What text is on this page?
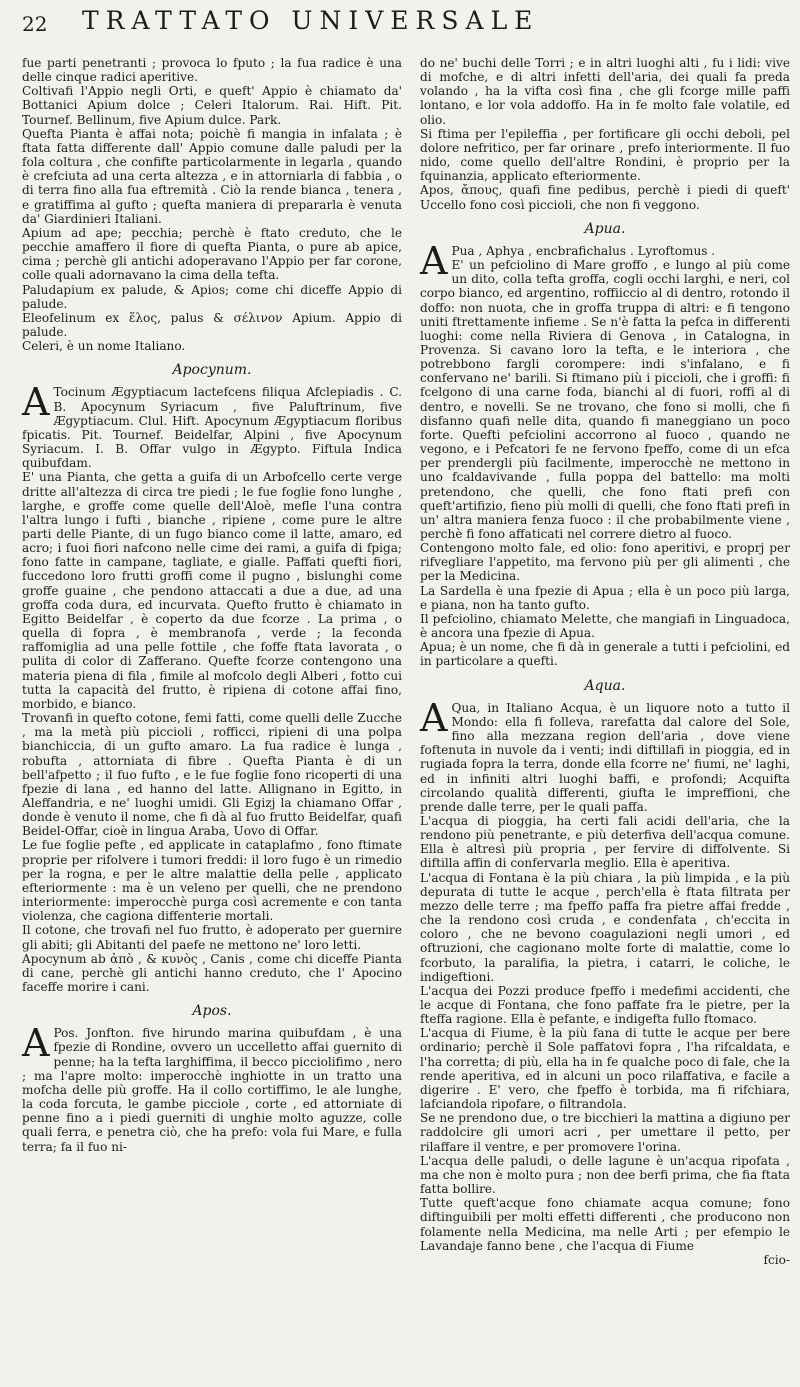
22 TRATTATO UNIVERSALE

fue parti penetranti ; provoca lo fputo ; la fua radice è una delle cinque radici aperitive.

Coltivafi l'Appio negli Orti, e queft' Appio è chiamato da' Bottanici Apium dolce ; Celeri Italorum. Rai. Hift. Pit. Tournef. Bellinum, five Apium dulce. Park.

Quefta Pianta è affai nota; poichè fi mangia in infalata ; è ftata fatta differente dall' Appio comune dalle paludi per la fola coltura , che confifte particolarmente in legarla , quando è crefciuta ad una certa altezza , e in attorniarla di fabbia , o di terra fino alla fua eftremità . Ciò la rende bianca , tenera , e gratiffima al gufto ; quefta maniera di prepararla è venuta da' Giardinieri Italiani.

Apium ad ape; pecchia; perchè è ftato creduto, che le pecchie amaffero il fiore di quefta Pianta, o pure ab apice, cima ; perchè gli antichi adoperavano l'Appio per far corone, colle quali adornavano la cima della tefta.

Paludapium ex palude, & Apios; come chi diceffe Appio di palude.

Eleofelinum ex ἕλος, palus & σέλινον Apium. Appio di palude.

Celeri, è un nome Italiano.

Apocynum.

A Tocinum Ægyptiacum lactefcens filiqua Afclepiadis . C. B. Apocynum Syriacum , five Paluftrinum, five Ægyptiacum. Clul. Hift. Apocynum Ægyptiacum floribus fpicatis. Pit. Tournef. Beidelfar, Alpini , five Apocynum Syriacum. I. B. Offar vulgo in Ægypto. Fiftula Indica quibufdam.

E' una Pianta, che getta a guifa di un Arbofcello certe verge dritte all'altezza di circa tre piedi ; le fue foglie fono lunghe , larghe, e groffe come quelle dell'Aloè, mefle l'una contra l'altra lungo i fufti , bianche , ripiene , come pure le altre parti delle Piante, di un fugo bianco come il latte, amaro, ed acro; i fuoi fiori nafcono nelle cime dei rami, a guifa di fpiga; fono fatte in campane, tagliate, e gialle. Paffati quefti fiori, fuccedono loro frutti groffi come il pugno , bislunghi come groffe guaine , che pendono attaccati a due a due, ad una groffa coda dura, ed incurvata. Quefto frutto è chiamato in Egitto Beidelfar , è coperto da due fcorze . La prima , o quella di fopra , è membranofa , verde ; la feconda raffomiglia ad una pelle fottile , che foffe ftata lavorata , o pulita di color di Zafferano. Quefte fcorze contengono una materia piena di fila , fimile al mofcolo degli Alberi , fotto cui tutta la capacità del frutto, è ripiena di cotone affai fino, morbido, e bianco.

Trovanfi in quefto cotone, femi fatti, come quelli delle Zucche , ma la metà più piccioli , rofficci, ripieni di una polpa bianchiccia, di un gufto amaro. La fua radice è lunga , robufta , attorniata di fibre . Quefta Pianta è di un bell'afpetto ; il fuo fufto , e le fue foglie fono ricoperti di una fpezie di lana , ed hanno del latte. Allignano in Egitto, in Aleffandria, e ne' luoghi umidi. Gli Egizj la chiamano Offar , donde è venuto il nome, che fi dà al fuo frutto Beidelfar, quafi Beidel-Offar, cioè in lingua Araba, Uovo di Offar.

Le fue foglie pefte , ed applicate in cataplafmo , fono ftimate proprie per rifolvere i tumori freddi: il loro fugo è un rimedio per la rogna, e per le altre malattie della pelle , applicato efteriormente : ma è un veleno per quelli, che ne prendono interiormente: imperocchè purga così acremente e con tanta violenza, che cagiona diffenterie mortali.

Il cotone, che trovafi nel fuo frutto, è adoperato per guernire gli abiti; gli Abitanti del paefe ne mettono ne' loro letti.

Apocynum ab ἀπὸ , & κυνὸς , Canis , come chi diceffe Pianta di cane, perchè gli antichi hanno creduto, che l' Apocino faceffe morire i cani.

Apos.

A Pos. Jonfton. five hirundo marina quibufdam , è una fpezie di Rondine, ovvero un uccelletto affai guernito di penne; ha la tefta larghiffima, il becco picciolifimo , nero ; ma l'apre molto: imperocchè inghiotte in un tratto una mofcha delle più groffe. Ha il collo cortiffimo, le ale lunghe, la coda forcuta, le gambe picciole , corte , ed attorniate di penne fino a i piedi guerniti di unghie molto aguzze, colle quali ferra, e penetra ciò, che ha prefo: vola fui Mare, e fulla terra; fa il fuo ni-

do ne' buchi delle Torri ; e in altri luoghi alti , fu i lidi: vive di mofche, e di altri infetti dell'aria, dei quali fa preda volando , ha la vifta così fina , che gli fcorge mille paffi lontano, e lor vola addoffo. Ha in fe molto fale volatile, ed olio.

Si ftima per l'epileffia , per fortificare gli occhi deboli, pel dolore nefritico, per far orinare , prefo interiormente. Il fuo nido, come quello dell'altre Rondini, è proprio per la fquinanzia, applicato efteriormente.

Apos, ἄπους, quafi fine pedibus, perchè i piedi di queft' Uccello fono così piccioli, che non fi veggono.

Apua.

A Pua , Aphya , encbrafichalus . Lyroftomus .

E' un pefciolino di Mare groffo , e lungo al più come un dito, colla tefta groffa, cogli occhi larghi, e neri, col corpo bianco, ed argentino, roffiiccio al di dentro, rotondo il doffo: non nuota, che in groffa truppa di altri: e fi tengono uniti ftrettamente infieme . Se n'è fatta la pefca in differenti luoghi: come nella Riviera di Genova , in Catalogna, in Provenza. Si cavano loro la tefta, e le interiora , che potrebbono fargli corompere: indi s'infalano, e fi confervano ne' barili. Si ftimano più i piccioli, che i groffi: fi fcelgono di una carne foda, bianchi al di fuori, roffi al di dentro, e novelli. Se ne trovano, che fono si molli, che fi disfanno quafi nelle dita, quando fi maneggiano un poco forte. Quefti pefciolini accorrono al fuoco , quando ne vegono, e i Pefcatori fe ne fervono fpeffo, come di un efca per prendergli più facilmente, imperocchè ne mettono in uno fcaldavivande , fulla poppa del battello: ma molti pretendono, che quelli, che fono ftati prefi con queft'artifizio, fieno più molli di quelli, che fono ftati prefi in un' altra maniera fenza fuoco : il che probabilmente viene , perchè fi fono affaticati nel correre dietro al fuoco.

Contengono molto fale, ed olio: fono aperitivi, e proprj per rifvegliare l'appetito, ma fervono più per gli alimenti , che per la Medicina.

La Sardella è una fpezie di Apua ; ella è un poco più larga, e piana, non ha tanto gufto.

Il pefciolino, chiamato Melette, che mangiafi in Linguadoca, è ancora una fpezie di Apua.

Apua; è un nome, che fi dà in generale a tutti i pefciolini, ed in particolare a quefti.

Aqua.

A Qua, in Italiano Acqua, è un liquore noto a tutto il Mondo: ella fi folleva, rarefatta dal calore del Sole, fino alla mezzana region dell'aria , dove viene foftenuta in nuvole da i venti; indi diftillafi in pioggia, ed in rugiada fopra la terra, donde ella fcorre ne' fiumi, ne' laghi, ed in infiniti altri luoghi baffi, e profondi; Acquifta circolando qualità differenti, giufta le impreffioni, che prende dalle terre, per le quali paffa.

L'acqua di pioggia, ha certi fali acidi dell'aria, che la rendono più penetrante, e più deterfiva dell'acqua comune. Ella è altresì più propria , per fervire di diffolvente. Si diftilla affin di confervarla meglio. Ella è aperitiva.

L'acqua di Fontana è la più chiara , la più limpida , e la più depurata di tutte le acque , perch'ella è ftata filtrata per mezzo delle terre ; ma fpeffo paffa fra pietre affai fredde , che la rendono così cruda , e condenfata , ch'eccita in coloro , che ne bevono coagulazioni negli umori , ed oftruzioni, che cagionano molte forte di malattie, come lo fcorbuto, la paralifia, la pietra, i catarri, le coliche, le indigeftioni.

L'acqua dei Pozzi produce fpeffo i medefimi accidenti, che le acque di Fontana, che fono paffate fra le pietre, per la fteffa ragione. Ella è pefante, e indigefta fullo ftomaco.

L'acqua di Fiume, è la più fana di tutte le acque per bere ordinario; perchè il Sole paffatovi fopra , l'ha rifcaldata, e l'ha corretta; di più, ella ha in fe qualche poco di fale, che la rende aperitiva, ed in alcuni un poco rilaffativa, e facile a digerire . E' vero, che fpeffo è torbida, ma fi rifchiara, lafciandola ripofare, o filtrandola.

Se ne prendono due, o tre bicchieri la mattina a digiuno per raddolcire gli umori acri , per umettare il petto, per rilaffare il ventre, e per promovere l'orina.

L'acqua delle paludi, o delle lagune è un'acqua ripofata , ma che non è molto pura ; non dee berfi prima, che fia ftata fatta bollire.

Tutte queft'acque fono chiamate acqua comune; fono diftinguibili per molti effetti differenti , che producono non folamente nella Medicina, ma nelle Arti ; per efempio le Lavandaje fanno bene , che l'acqua di Fiume

fcio-
